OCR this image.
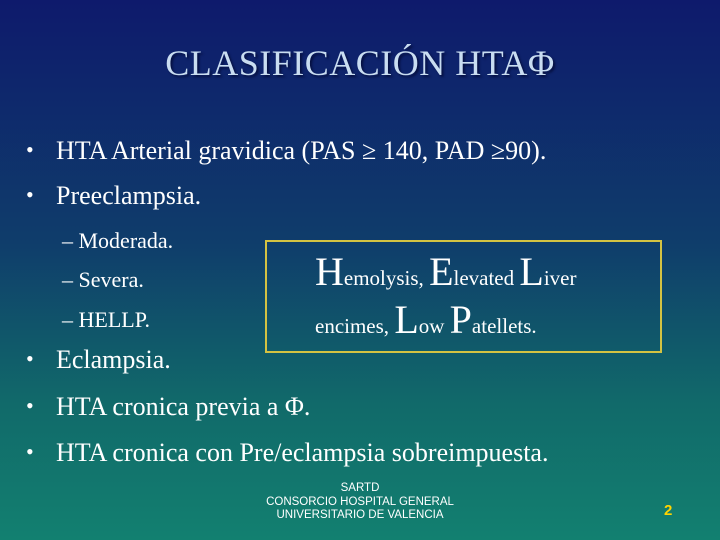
CLASIFICACIÓN HTAΦ
• HTA Arterial gravidica (PAS ≥ 140, PAD ≥90).
• Preeclampsia.
– Moderada.
– Severa.
– HELLP.
Hemolysis, Elevated Liver
encimes, Low Patellets.
• Eclampsia.
• HTA cronica previa a Φ.
• HTA cronica con Pre/eclampsia sobreimpuesta.
SARTD
CONSORCIO HOSPITAL GENERAL
UNIVERSITARIO DE VALENCIA	2
